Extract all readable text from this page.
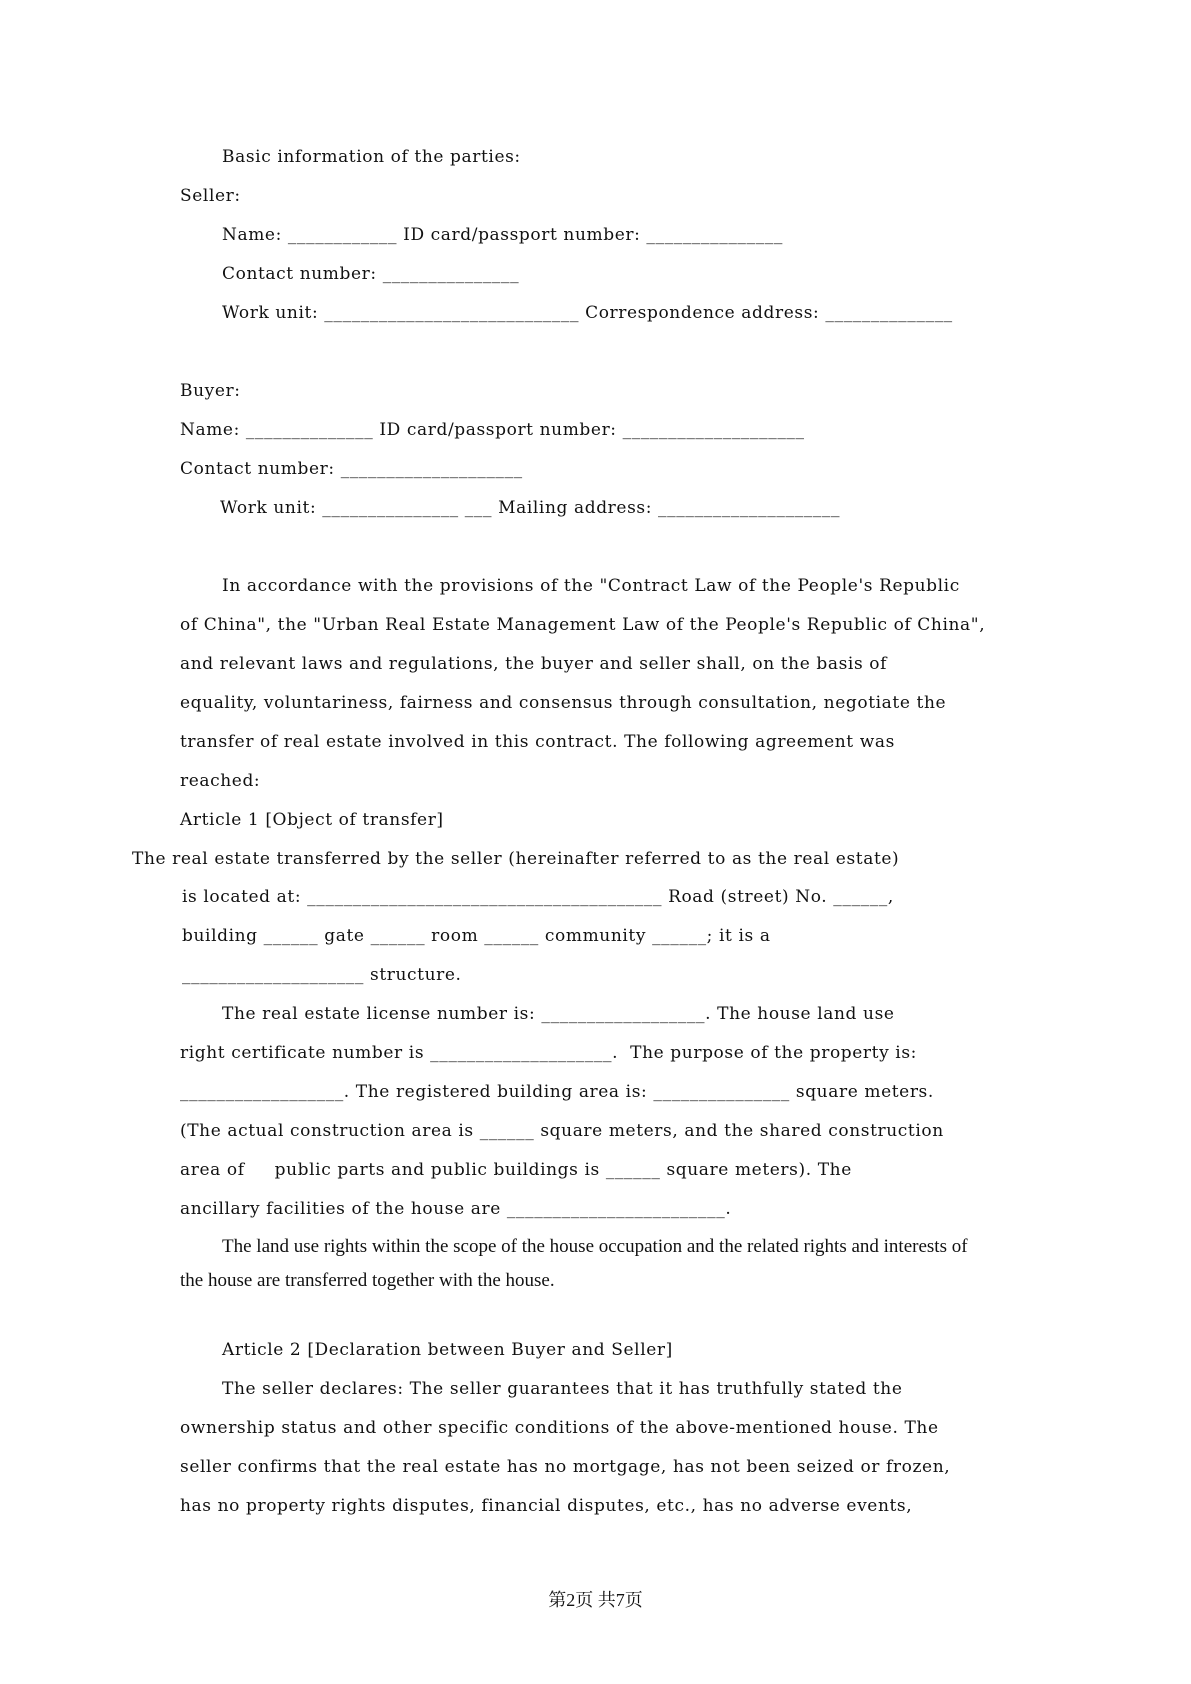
Basic information of the parties:
Seller:
Name: ____________ ID card/passport number: _______________
Contact number: _______________
Work unit: ____________________________ Correspondence address: ______________
Buyer:
Name: ______________ ID card/passport number: ____________________
Contact number: ____________________
Work unit: _______________ ___ Mailing address: ____________________
In accordance with the provisions of the "Contract Law of the People's Republic
of China", the "Urban Real Estate Management Law of the People's Republic of China",
and relevant laws and regulations, the buyer and seller shall, on the basis of
equality, voluntariness, fairness and consensus through consultation, negotiate the
transfer of real estate involved in this contract. The following agreement was
reached:
Article 1 [Object of transfer]
The real estate transferred by the seller (hereinafter referred to as the real estate)
is located at: _______________________________________ Road (street) No. ______,
building ______ gate ______ room ______ community ______; it is a
____________________ structure.
The real estate license number is: __________________. The house land use
right certificate number is ____________________.  The purpose of the property is:
__________________. The registered building area is: _______________ square meters.
(The actual construction area is ______ square meters, and the shared construction
area of     public parts and public buildings is ______ square meters). The
ancillary facilities of the house are ________________________.
The land use rights within the scope of the house occupation and the related rights and interests of
the house are transferred together with the house.
Article 2 [Declaration between Buyer and Seller]
The seller declares: The seller guarantees that it has truthfully stated the
ownership status and other specific conditions of the above-mentioned house. The
seller confirms that the real estate has no mortgage, has not been seized or frozen,
has no property rights disputes, financial disputes, etc., has no adverse events,
第2页 共7页
